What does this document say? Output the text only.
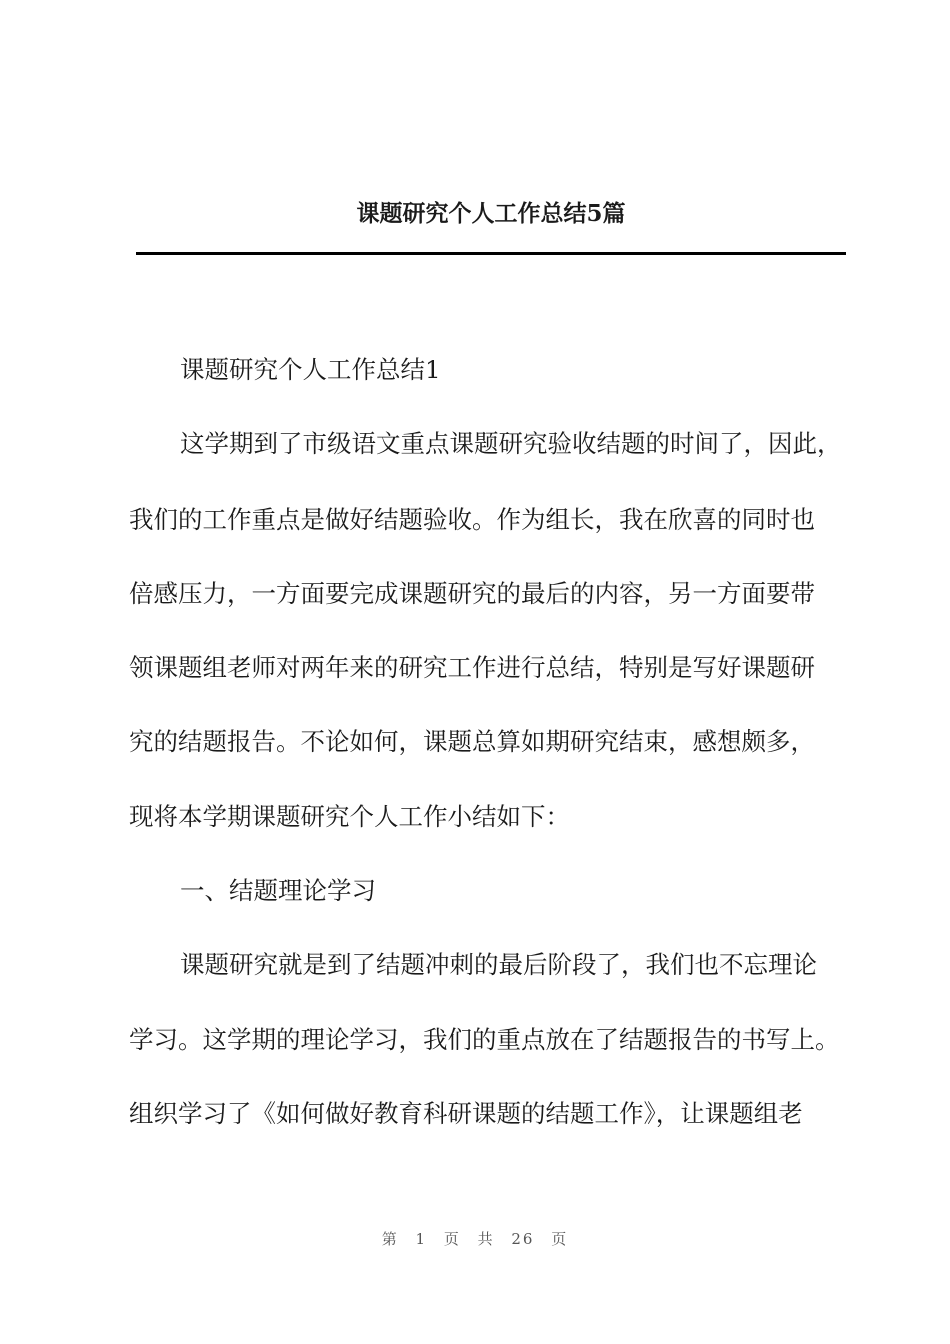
课题研究个人工作总结5篇
课题研究个人工作总结1
这学期到了市级语文重点课题研究验收结题的时间了，因此，
我们的工作重点是做好结题验收。作为组长，我在欣喜的同时也
倍感压力，一方面要完成课题研究的最后的内容，另一方面要带
领课题组老师对两年来的研究工作进行总结，特别是写好课题研
究的结题报告。不论如何，课题总算如期研究结束，感想颇多，
现将本学期课题研究个人工作小结如下：
一、结题理论学习
课题研究就是到了结题冲刺的最后阶段了，我们也不忘理论
学习。这学期的理论学习，我们的重点放在了结题报告的书写上。
组织学习了《如何做好教育科研课题的结题工作》，让课题组老
第 1 页 共 26 页
